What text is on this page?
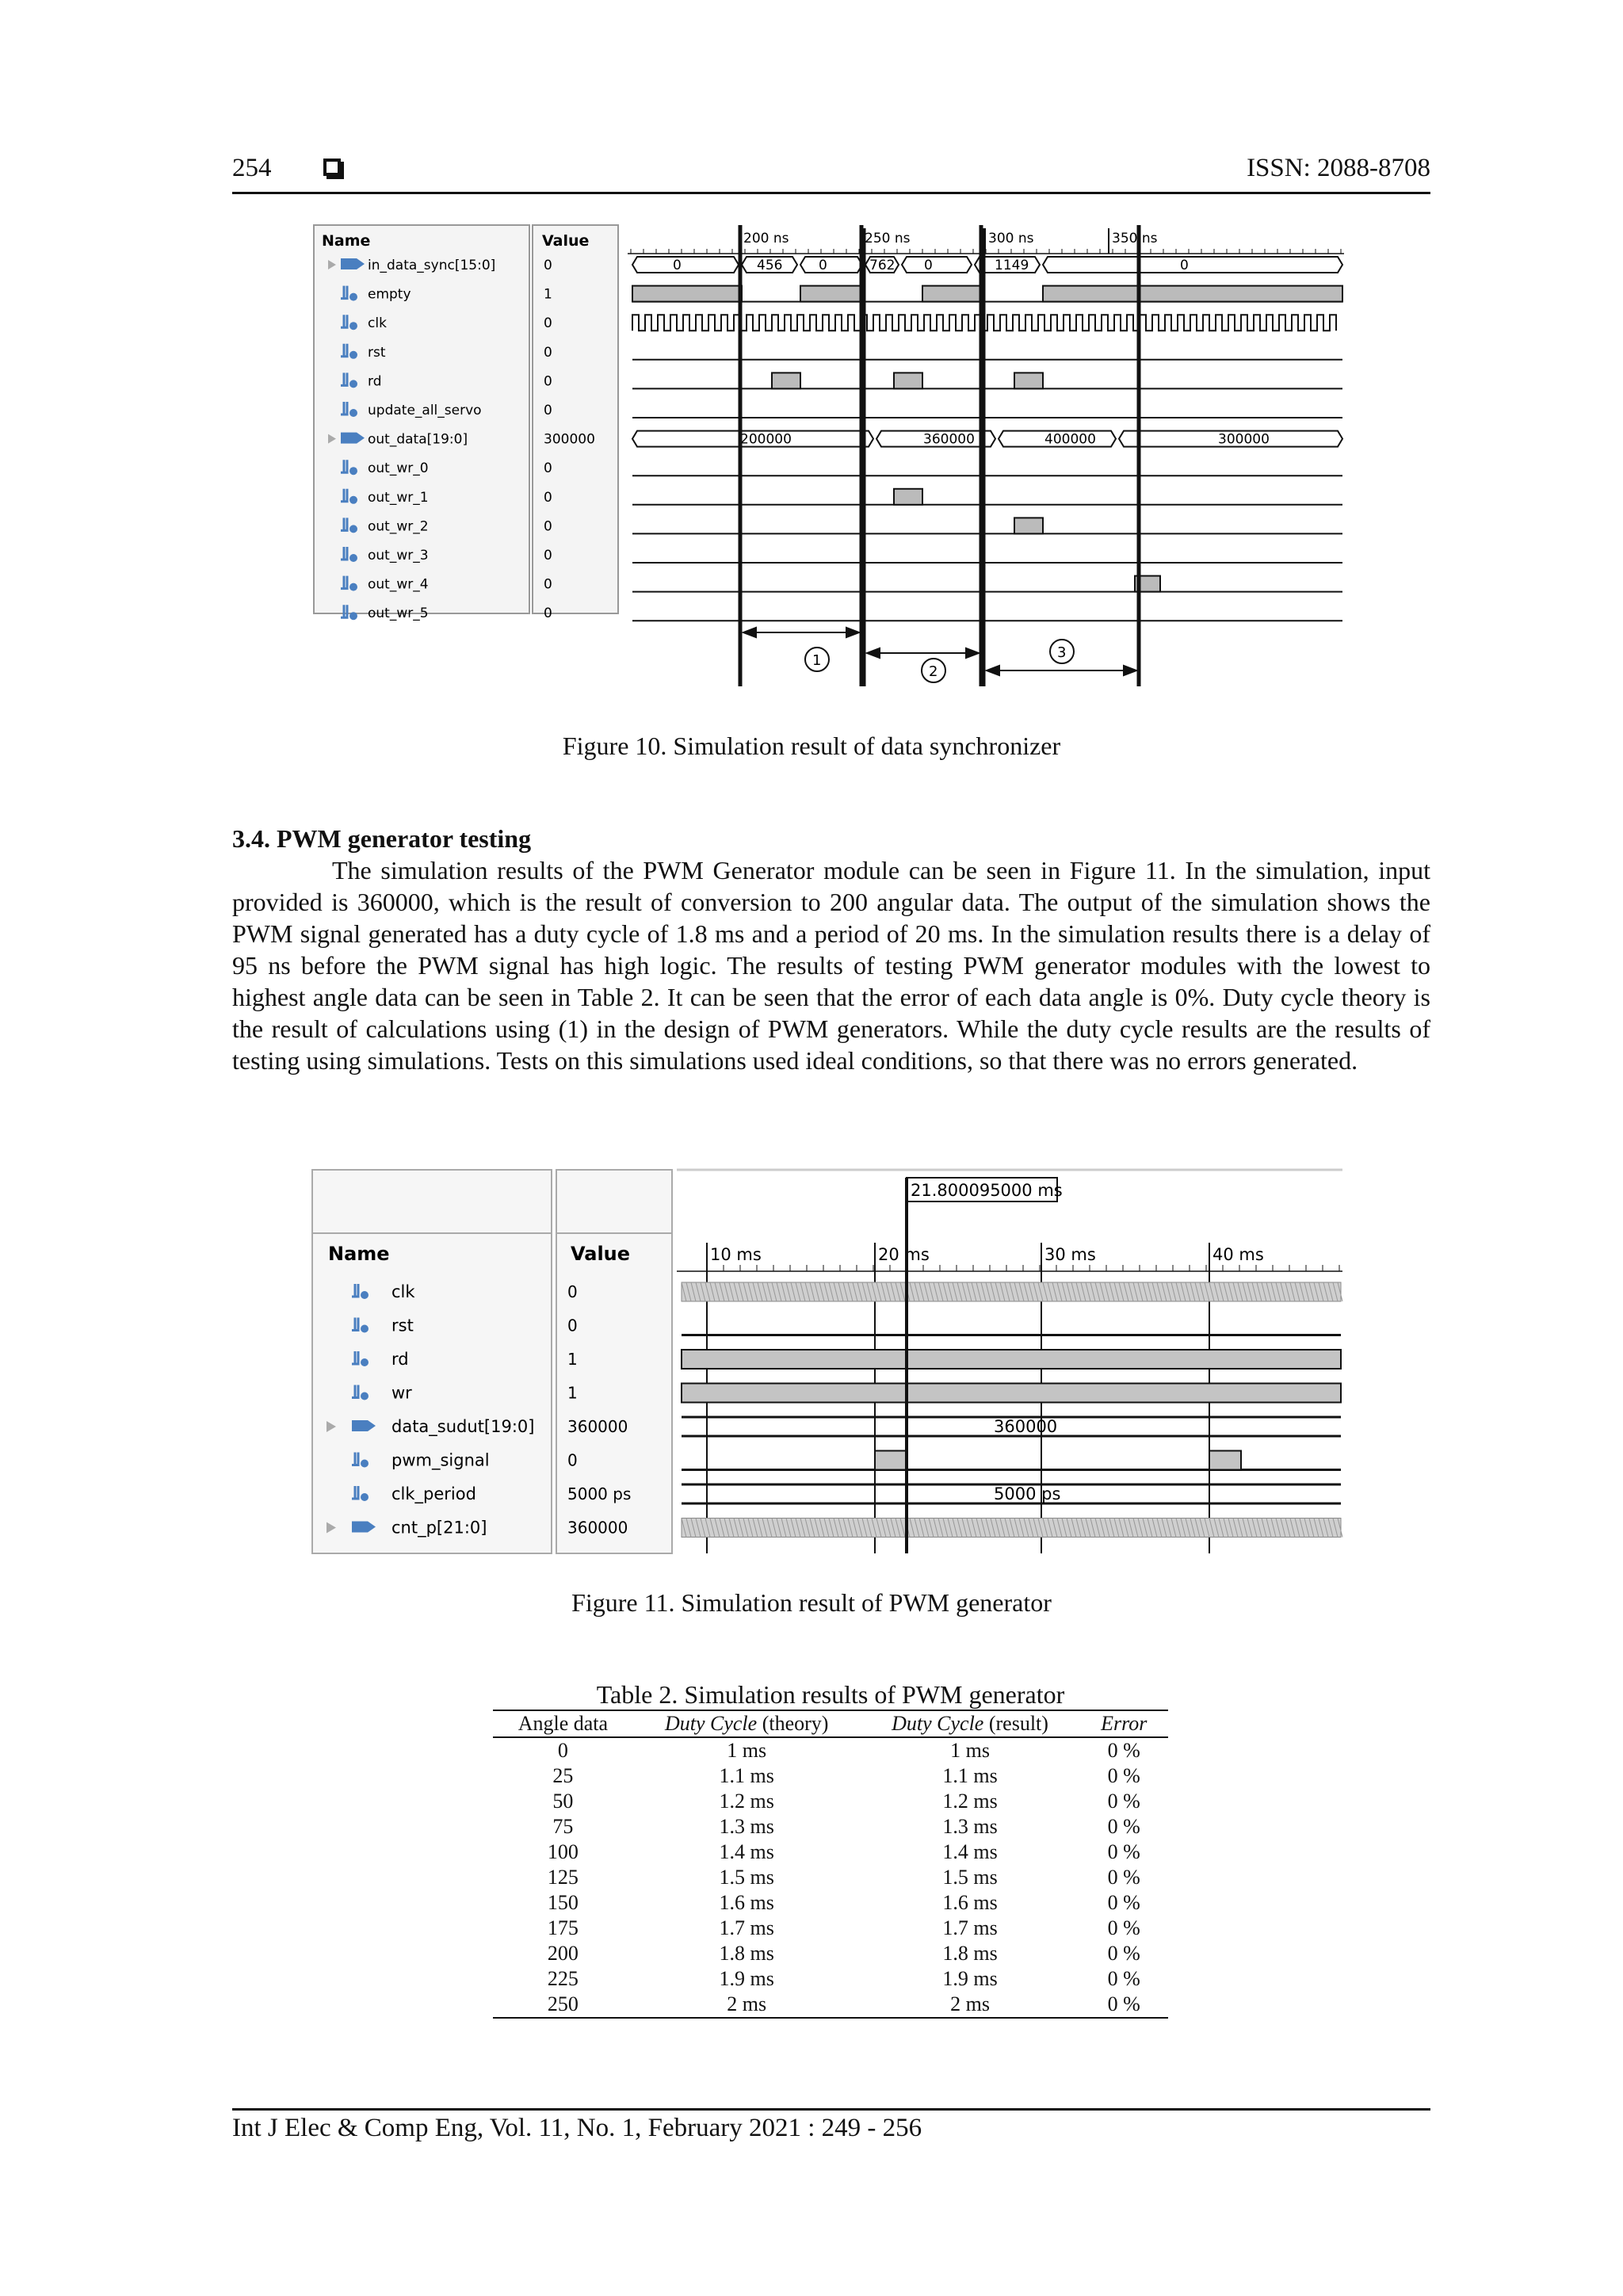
254	ISSN: 2088-8708
Name	Value
in_data_sync[15:0]	0
empty	1
clk	0
rst	0
rd	0
update_all_servo	0
out_data[19:0]	300000
out_wr_0	0
out_wr_1	0
out_wr_2	0
out_wr_3	0
out_wr_4	0
out_wr_5	0
200 ns	250 ns	300 ns	350 ns
0	456	0	762 0	1149	0
200000	360000	400000	300000
1
2
3
Figure 10. Simulation result of data synchronizer
3.4. PWM generator testing

The simulation results of the PWM Generator module can be seen in Figure 11. In the simulation, input provided is 360000, which is the result of conversion to 200 angular data. The output of the simulation shows the PWM signal generated has a duty cycle of 1.8 ms and a period of 20 ms. In the simulation results there is a delay of 95 ns before the PWM signal has high logic. The results of testing PWM generator modules with the lowest to highest angle data can be seen in Table 2. It can be seen that the error of each data angle is 0%. Duty cycle theory is the result of calculations using (1) in the design of PWM generators. While the duty cycle results are the results of testing using simulations. Tests on this simulations used ideal conditions, so that there was no errors generated.

Name	Value
clk	0
rst	0
rd	1
wr	1
data_sudut[19:0] 360000
pwm_signal	0
clk_period	5000 ps
cnt_p[21:0]	360000
10 ms	20 ms	30 ms	40 ms
360000
5000 ps
21.800095000 ms
Figure 11. Simulation result of PWM generator
Table 2. Simulation results of PWM generator
Angle data	Duty Cycle (theory)	Duty Cycle (result)	Error
0	1 ms	1 ms	0 %
25	1.1 ms	1.1 ms	0 %
50	1.2 ms	1.2 ms	0 %
75	1.3 ms	1.3 ms	0 %
100	1.4 ms	1.4 ms	0 %
125	1.5 ms	1.5 ms	0 %
150	1.6 ms	1.6 ms	0 %
175	1.7 ms	1.7 ms	0 %
200	1.8 ms	1.8 ms	0 %
225	1.9 ms	1.9 ms	0 %
250	2 ms	2 ms	0 %
Int J Elec & Comp Eng, Vol. 11, No. 1, February 2021 : 249 - 256
